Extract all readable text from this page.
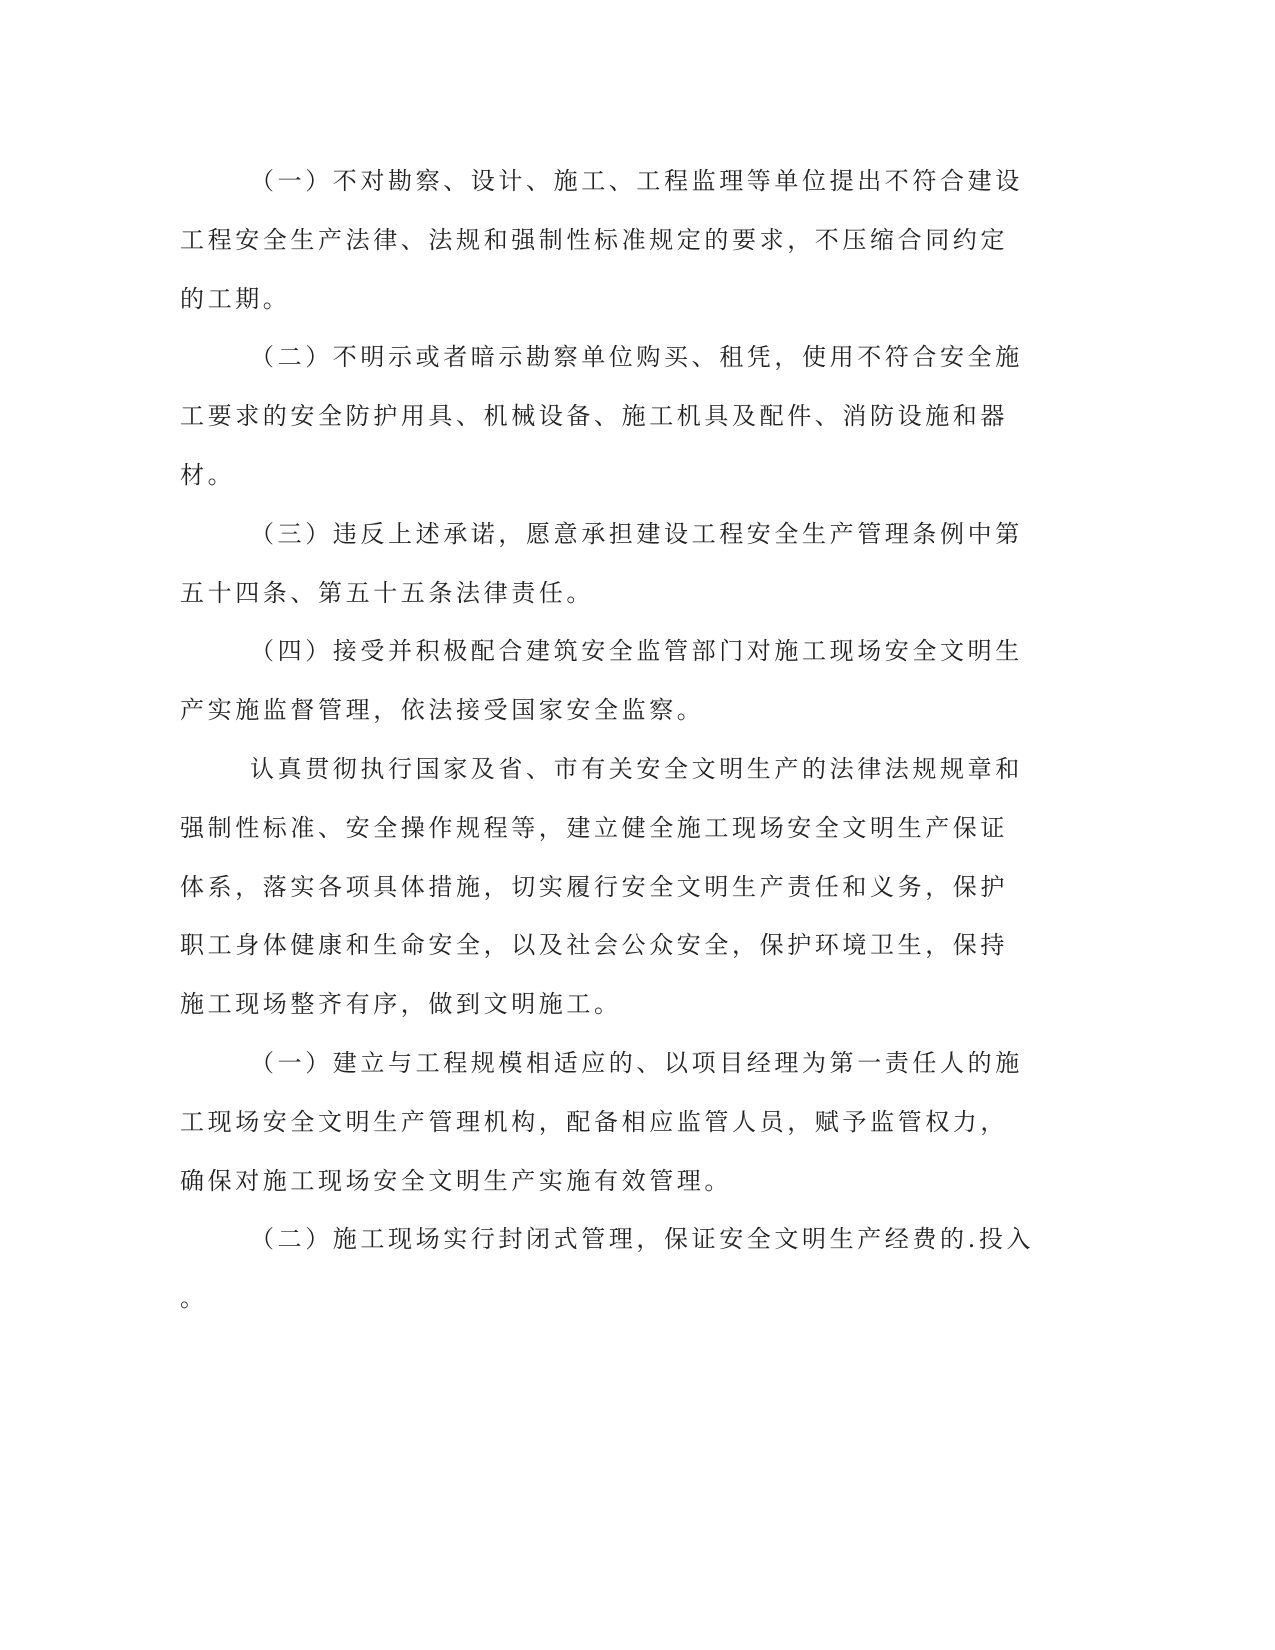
（一）不对勘察、设计、施工、工程监理等单位提出不符合建设
工程安全生产法律、法规和强制性标准规定的要求，不压缩合同约定
的工期。
（二）不明示或者暗示勘察单位购买、租凭，使用不符合安全施
工要求的安全防护用具、机械设备、施工机具及配件、消防设施和器
材。
（三）违反上述承诺，愿意承担建设工程安全生产管理条例中第
五十四条、第五十五条法律责任。
（四）接受并积极配合建筑安全监管部门对施工现场安全文明生
产实施监督管理，依法接受国家安全监察。
认真贯彻执行国家及省、市有关安全文明生产的法律法规规章和
强制性标准、安全操作规程等，建立健全施工现场安全文明生产保证
体系，落实各项具体措施，切实履行安全文明生产责任和义务，保护
职工身体健康和生命安全，以及社会公众安全，保护环境卫生，保持
施工现场整齐有序，做到文明施工。
（一）建立与工程规模相适应的、以项目经理为第一责任人的施
工现场安全文明生产管理机构，配备相应监管人员，赋予监管权力，
确保对施工现场安全文明生产实施有效管理。
（二）施工现场实行封闭式管理，保证安全文明生产经费的.投入
。
